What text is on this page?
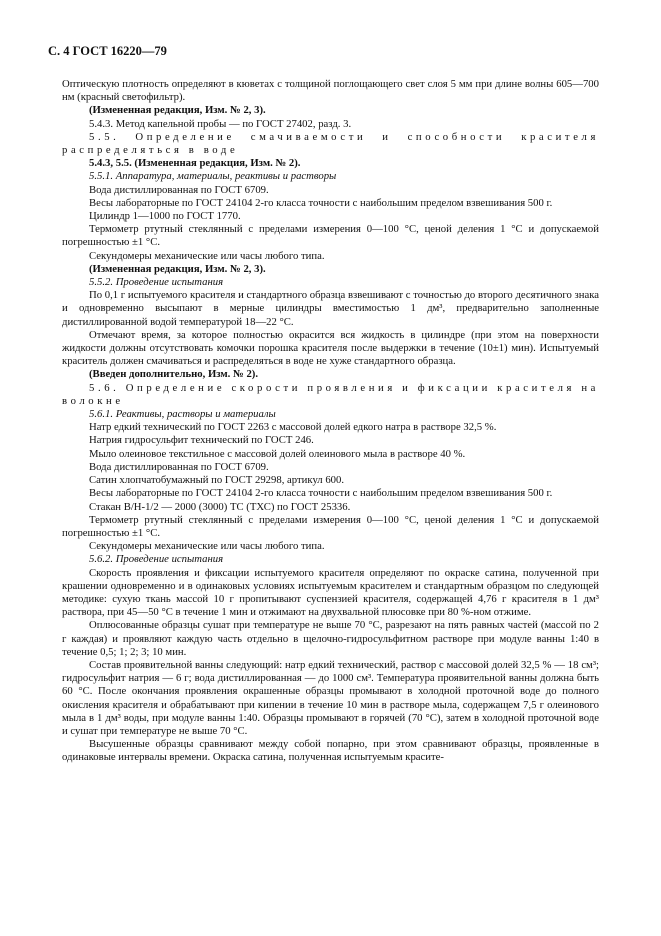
С. 4 ГОСТ 16220—79

Оптическую плотность определяют в кюветах с толщиной поглощающего свет слоя 5 мм при длине волны 605—700 нм (красный светофильтр).

(Измененная редакция, Изм. № 2, 3).

5.4.3. Метод капельной пробы — по ГОСТ 27402, разд. 3.

5.5. Определение смачиваемости и способности красителя распределяться в воде

5.4.3, 5.5. (Измененная редакция, Изм. № 2).

5.5.1. Аппаратура, материалы, реактивы и растворы

Вода дистиллированная по ГОСТ 6709.

Весы лабораторные по ГОСТ 24104 2-го класса точности с наибольшим пределом взвешивания 500 г.

Цилиндр 1—1000 по ГОСТ 1770.

Термометр ртутный стеклянный с пределами измерения 0—100 °С, ценой деления 1 °С и допускаемой погрешностью ±1 °С.

Секундомеры механические или часы любого типа.

(Измененная редакция, Изм. № 2, 3).

5.5.2. Проведение испытания

По 0,1 г испытуемого красителя и стандартного образца взвешивают с точностью до второго десятичного знака и одновременно высыпают в мерные цилиндры вместимостью 1 дм³, предварительно заполненные дистиллированной водой температурой 18—22 °С.

Отмечают время, за которое полностью окрасится вся жидкость в цилиндре (при этом на поверхности жидкости должны отсутствовать комочки порошка красителя после выдержки в течение (10±1) мин). Испытуемый краситель должен смачиваться и распределяться в воде не хуже стандартного образца.

(Введен дополнительно, Изм. № 2).

5.6. Определение скорости проявления и фиксации красителя на волокне

5.6.1. Реактивы, растворы и материалы

Натр едкий технический по ГОСТ 2263 с массовой долей едкого натра в растворе 32,5 %.

Натрия гидросульфит технический по ГОСТ 246.

Мыло олеиновое текстильное с массовой долей олеинового мыла в растворе 40 %.

Вода дистиллированная по ГОСТ 6709.

Сатин хлопчатобумажный по ГОСТ 29298, артикул 600.

Весы лабораторные по ГОСТ 24104 2-го класса точности с наибольшим пределом взвешивания 500 г.

Стакан В/Н-1/2 — 2000 (3000) ТС (ТХС) по ГОСТ 25336.

Термометр ртутный стеклянный с пределами измерения 0—100 °С, ценой деления 1 °С и допускаемой погрешностью ±1 °С.

Секундомеры механические или часы любого типа.

5.6.2. Проведение испытания

Скорость проявления и фиксации испытуемого красителя определяют по окраске сатина, полученной при крашении одновременно и в одинаковых условиях испытуемым красителем и стандартным образцом по следующей методике: сухую ткань массой 10 г пропитывают суспензией красителя, содержащей 4,76 г красителя в 1 дм³ раствора, при 45—50 °С в течение 1 мин и отжимают на двухвальной плюсовке при 80 %-ном отжиме.

Оплюсованные образцы сушат при температуре не выше 70 °С, разрезают на пять равных частей (массой по 2 г каждая) и проявляют каждую часть отдельно в щелочно-гидросульфитном растворе при модуле ванны 1:40 в течение 0,5; 1; 2; 3; 10 мин.

Состав проявительной ванны следующий: натр едкий технический, раствор с массовой долей 32,5 % — 18 см³; гидросульфит натрия — 6 г; вода дистиллированная — до 1000 см³. Температура проявительной ванны должна быть 60 °С. После окончания проявления окрашенные образцы промывают в холодной проточной воде до полного окисления красителя и обрабатывают при кипении в течение 10 мин в растворе мыла, содержащем 7,5 г олеинового мыла в 1 дм³ воды, при модуле ванны 1:40. Образцы промывают в горячей (70 °С), затем в холодной проточной воде и сушат при температуре не выше 70 °С.

Высушенные образцы сравнивают между собой попарно, при этом сравнивают образцы, проявленные в одинаковые интервалы времени. Окраска сатина, полученная испытуемым красите-
